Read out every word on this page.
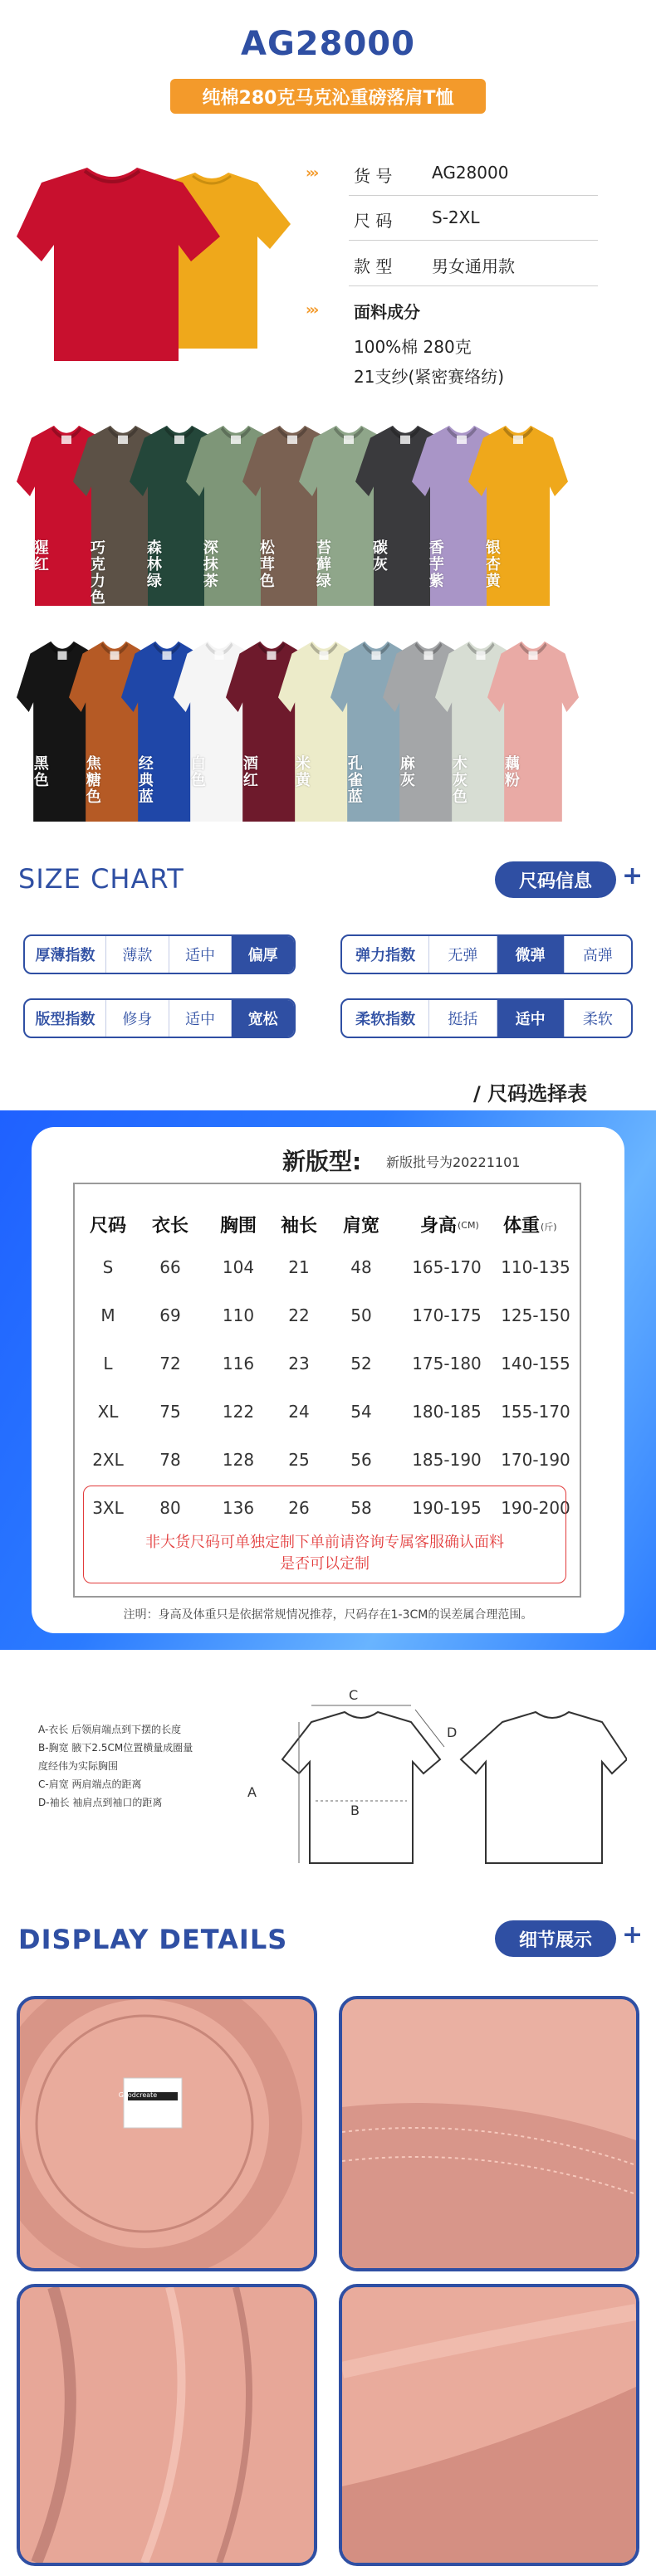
AG28000
纯棉280克马克沁重磅落肩T恤
››› 货 号 AG28000
尺 码 S-2XL
款 型 男女通用款
››› 面料成分
100%棉 280克
21支纱(紧密赛络纺)
猩红	巧克力色	森林绿	深抹茶	松茸色	苔藓绿	碳灰	香芋紫	银杏黄
黑色 焦糖色 经典蓝 白色 酒红 米黄 孔雀蓝 麻灰 木灰色 藕粉
SIZE CHART	尺码信息	+
厚薄指数	薄款	适中	偏厚	弹力指数	无弹	微弹	高弹
版型指数	修身	适中	宽松	柔软指数	挺括	适中	柔软
/ 尺码选择表
新版型: 新版批号为20221101
尺码	衣长	胸围	袖长	肩宽	身高 (CM)	体重 (斤)
S	66	104	21	48	165-170	110-135
M	69	110	22	50	170-175	125-150
L	72	116	23	52	175-180	140-155
XL	75	122	24	54	180-185	155-170
2XL	78	128	25	56	185-190	170-190
3XL	80	136	26	58	190-195	190-200
非大货尺码可单独定制下单前请咨询专属客服确认面料
是否可以定制
注明：身高及体重只是依据常规情况推荐，尺码存在1-3CM的误差属合理范围。
A-衣长 后领肩端点到下摆的长度
B-胸宽 腋下2.5CM位置横量成圈量
度经伟为实际胸围
C-肩宽 两肩端点的距离
D-袖长 袖肩点到袖口的距离
C
D
B
A
DISPLAY DETAILS	细节展示	+
Goodcreate
